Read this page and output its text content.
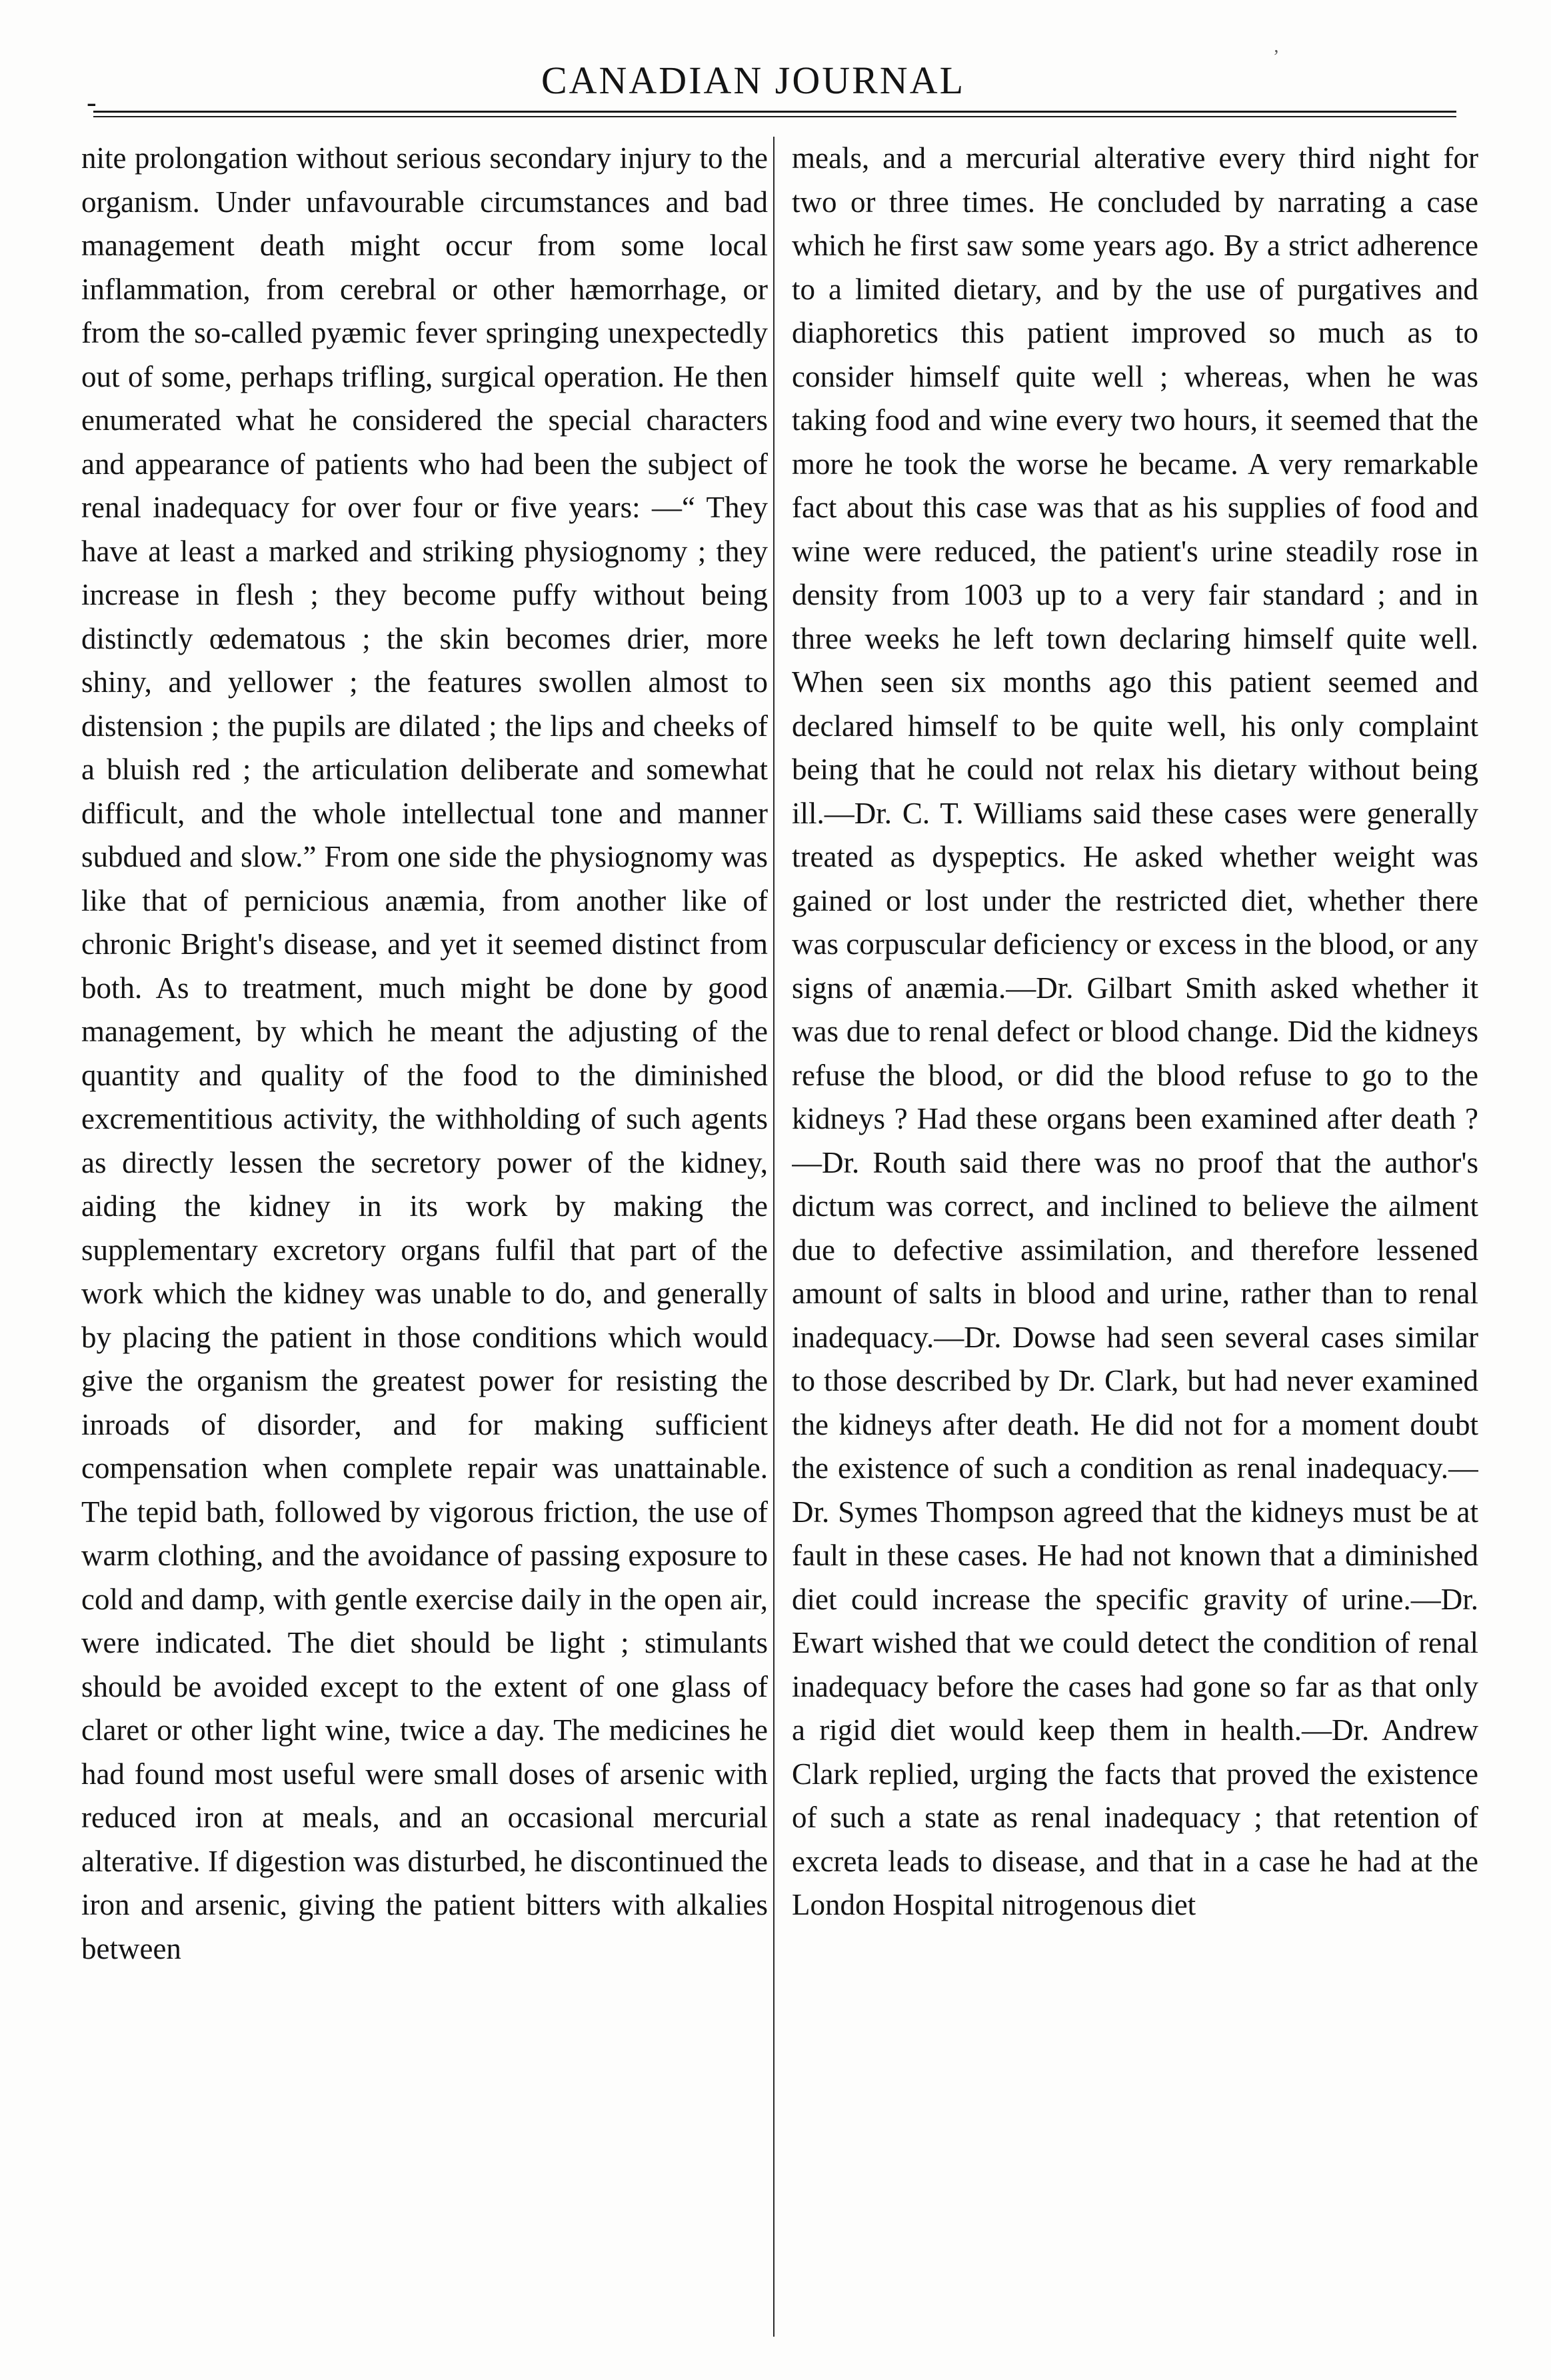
-
CANADIAN JOURNAL

nite prolongation without serious secondary injury to the organism. Under unfavourable circumstances and bad management death might occur from some local inflammation, from cerebral or other hæmorrhage, or from the so-called pyæmic fever springing unexpectedly out of some, perhaps trifling, surgical operation. He then enumerated what he considered the special characters and appearance of patients who had been the subject of renal inadequacy for over four or five years: —“ They have at least a marked and striking physiognomy ; they increase in flesh ; they become puffy without being distinctly œdematous ; the skin becomes drier, more shiny, and yellower ; the features swollen almost to distension ; the pupils are dilated ; the lips and cheeks of a bluish red ; the articulation deliberate and somewhat difficult, and the whole intellectual tone and manner subdued and slow.” From one side the physiognomy was like that of pernicious anæmia, from another like of chronic Bright's disease, and yet it seemed distinct from both. As to treatment, much might be done by good management, by which he meant the adjusting of the quantity and quality of the food to the diminished excrementitious activity, the withholding of such agents as directly lessen the secretory power of the kidney, aiding the kidney in its work by making the supplementary excretory organs fulfil that part of the work which the kidney was unable to do, and generally by placing the patient in those conditions which would give the organism the greatest power for resisting the inroads of disorder, and for making sufficient compensation when complete repair was unattainable. The tepid bath, followed by vigorous friction, the use of warm clothing, and the avoidance of passing exposure to cold and damp, with gentle exercise daily in the open air, were indicated. The diet should be light ; stimulants should be avoided except to the extent of one glass of claret or other light wine, twice a day. The medicines he had found most useful were small doses of arsenic with reduced iron at meals, and an occasional mercurial alterative. If digestion was disturbed, he discontinued the iron and arsenic, giving the patient bitters with alkalies between

meals, and a mercurial alterative every third night for two or three times. He concluded by narrating a case which he first saw some years ago. By a strict adherence to a limited dietary, and by the use of purgatives and diaphoretics this patient improved so much as to consider himself quite well ; whereas, when he was taking food and wine every two hours, it seemed that the more he took the worse he became. A very remarkable fact about this case was that as his supplies of food and wine were reduced, the patient's urine steadily rose in density from 1003 up to a very fair standard ; and in three weeks he left town declaring himself quite well. When seen six months ago this patient seemed and declared himself to be quite well, his only complaint being that he could not relax his dietary without being ill.—Dr. C. T. Williams said these cases were generally treated as dyspeptics. He asked whether weight was gained or lost under the restricted diet, whether there was corpuscular deficiency or excess in the blood, or any signs of anæmia.—Dr. Gilbart Smith asked whether it was due to renal defect or blood change. Did the kidneys refuse the blood, or did the blood refuse to go to the kidneys ? Had these organs been examined after death ?—Dr. Routh said there was no proof that the author's dictum was correct, and inclined to believe the ailment due to defective assimilation, and therefore lessened amount of salts in blood and urine, rather than to renal inadequacy.—Dr. Dowse had seen several cases similar to those described by Dr. Clark, but had never examined the kidneys after death. He did not for a moment doubt the existence of such a condition as renal inadequacy.—Dr. Symes Thompson agreed that the kidneys must be at fault in these cases. He had not known that a diminished diet could increase the specific gravity of urine.—Dr. Ewart wished that we could detect the condition of renal inadequacy before the cases had gone so far as that only a rigid diet would keep them in health.—Dr. Andrew Clark replied, urging the facts that proved the existence of such a state as renal inadequacy ; that retention of excreta leads to disease, and that in a case he had at the London Hospital nitrogenous diet

’
